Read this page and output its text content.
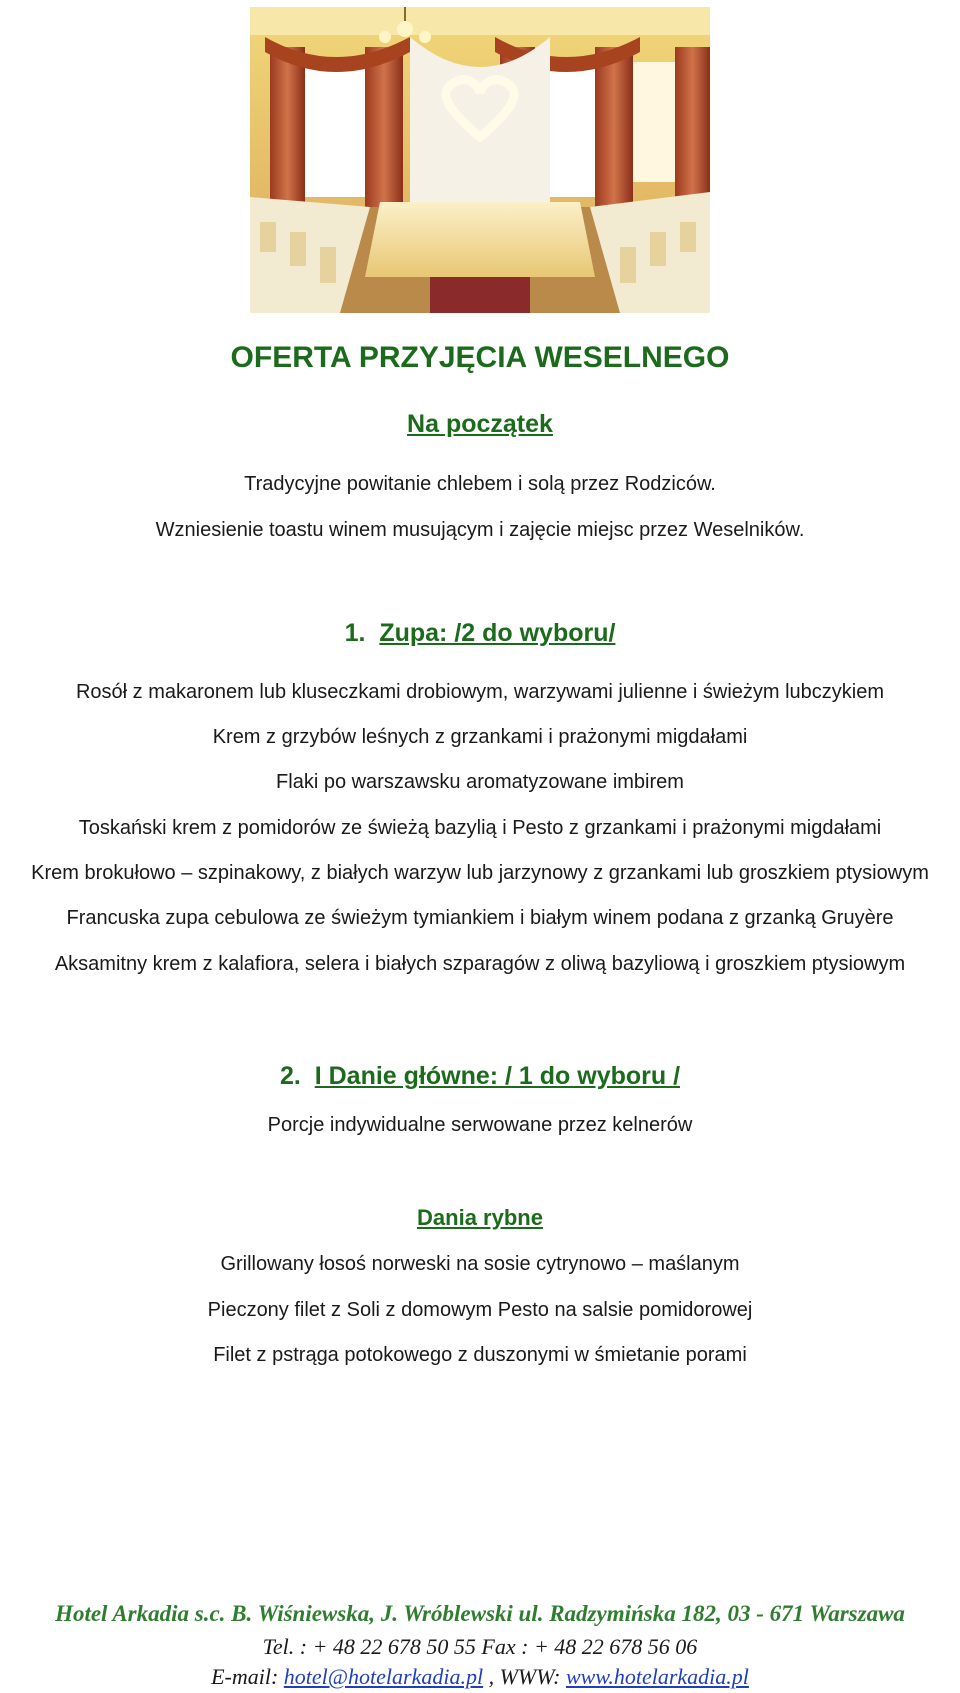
OFERTA PRZYJĘCIA WESELNEGO
Na początek
Tradycyjne powitanie chlebem i solą przez Rodziców.
Wzniesienie toastu winem musującym i zajęcie miejsc przez Weselników.
1. Zupa: /2 do wyboru/
Rosół z makaronem lub kluseczkami drobiowym, warzywami julienne i świeżym lubczykiem
Krem z grzybów leśnych z grzankami i prażonymi migdałami
Flaki po warszawsku aromatyzowane imbirem
Toskański krem z pomidorów ze świeżą bazylią i Pesto z grzankami i prażonymi migdałami
Krem brokułowo – szpinakowy, z białych warzyw lub jarzynowy z grzankami lub groszkiem ptysiowym
Francuska zupa cebulowa ze świeżym tymiankiem i białym winem podana z grzanką Gruyère
Aksamitny krem z kalafiora, selera i białych szparagów z oliwą bazyliową i groszkiem ptysiowym
2. I Danie główne: / 1 do wyboru /
Porcje indywidualne serwowane przez kelnerów
Dania rybne
Grillowany łosoś norweski na sosie cytrynowo – maślanym
Pieczony filet z Soli z domowym Pesto na salsie pomidorowej
Filet z pstrąga potokowego z duszonymi w śmietanie porami
Hotel Arkadia s.c. B. Wiśniewska, J. Wróblewski ul. Radzymińska 182, 03 - 671 Warszawa
Tel. : + 48 22 678 50 55 Fax : + 48 22 678 56 06
E-mail: hotel@hotelarkadia.pl , WWW: www.hotelarkadia.pl
